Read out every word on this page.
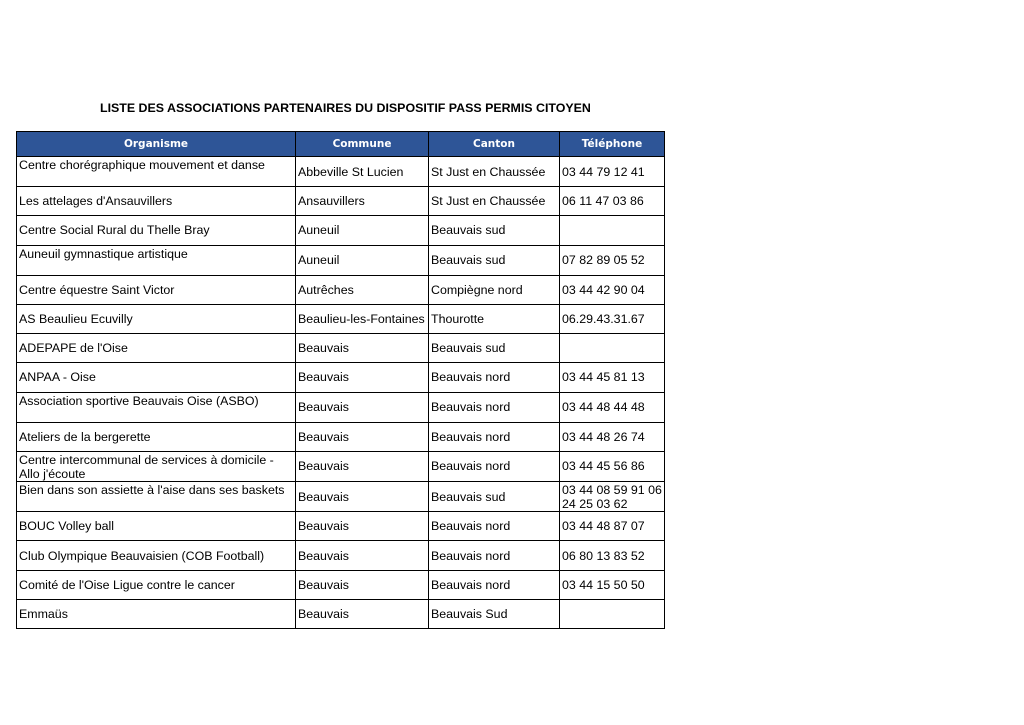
LISTE DES ASSOCIATIONS PARTENAIRES DU DISPOSITIF PASS PERMIS CITOYEN
Organisme	Commune	Canton	Téléphone
Centre chorégraphique mouvement et danse	Abbeville St Lucien	St Just en Chaussée	03 44 79 12 41
Les attelages d'Ansauvillers	Ansauvillers	St Just en Chaussée	06 11 47 03 86
Centre Social Rural du Thelle Bray	Auneuil	Beauvais sud	
Auneuil gymnastique artistique	Auneuil	Beauvais sud	07 82 89 05 52
Centre équestre Saint Victor	Autrêches	Compiègne nord	03 44 42 90 04
AS Beaulieu Ecuvilly	Beaulieu-les-Fontaines	Thourotte	06.29.43.31.67
ADEPAPE de l'Oise	Beauvais	Beauvais sud	
ANPAA - Oise	Beauvais	Beauvais nord	03 44 45 81 13
Association sportive Beauvais Oise (ASBO)	Beauvais	Beauvais nord	03 44 48 44 48
Ateliers de la bergerette	Beauvais	Beauvais nord	03 44 48 26 74
Centre intercommunal de services à domicile - Allo j'écoute	Beauvais	Beauvais nord	03 44 45 56 86
Bien dans son assiette à l'aise dans ses baskets	Beauvais	Beauvais sud	03 44 08 59 91 06 24 25 03 62
BOUC Volley ball	Beauvais	Beauvais nord	03 44 48 87 07
Club Olympique Beauvaisien (COB Football)	Beauvais	Beauvais nord	06 80 13 83 52
Comité de l'Oise Ligue contre le cancer	Beauvais	Beauvais nord	03 44 15 50 50
Emmaüs	Beauvais	Beauvais Sud	
